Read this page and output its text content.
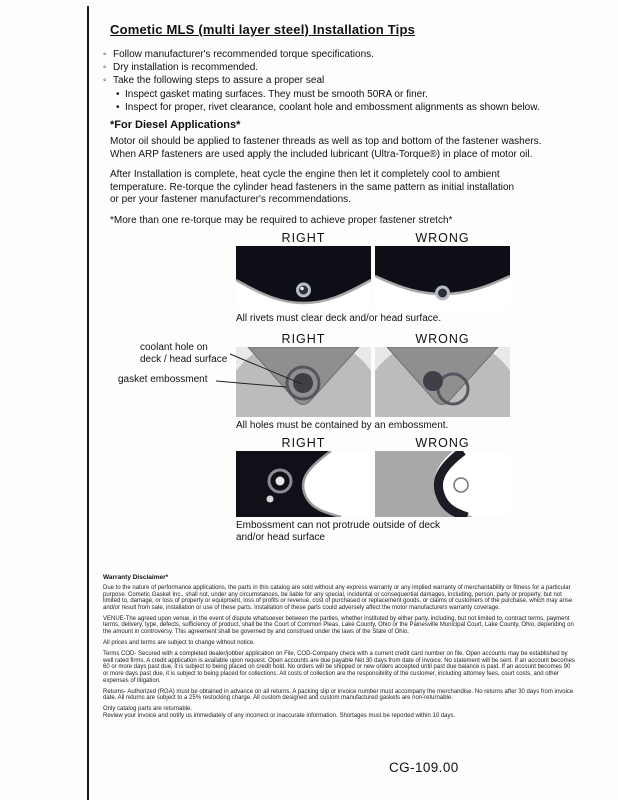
Cometic MLS (multi layer steel) Installation Tips
◦ Follow manufacturer's recommended torque specifications.
◦ Dry installation is recommended.
◦ Take the following steps to assure a proper seal
• Inspect gasket mating surfaces. They must be smooth 50RA or finer.
• Inspect for proper, rivet clearance, coolant hole and embossment alignments as shown below.
*For Diesel Applications*
Motor oil should be applied to fastener threads as well as top and bottom of the fastener washers.
When ARP fasteners are used apply the included lubricant (Ultra-Torque®) in place of motor oil.
After Installation is complete, heat cycle the engine then let it completely cool to ambient
temperature. Re-torque the cylinder head fasteners in the same pattern as initial installation
or per your fastener manufacturer's recommendations.
*More than one re-torque may be required to achieve proper fastener stretch*
RIGHT	WRONG
All rivets must clear deck and/or head surface.
RIGHT	WRONG
All holes must be contained by an embossment.
RIGHT	WRONG
Embossment can not protrude outside of deck
and/or head surface
coolant hole on
deck / head surface
gasket embossment
Warranty Disclaimer*
Due to the nature of performance applications, the parts in this catalog are sold without any express warranty or any implied warranty of merchantability or fitness for a particular purpose. Cometic Gasket Inc., shall not, under any circumstances, be liable for any special, incidental or consequential damages, including, person, party or property, but not limited to, damage, or loss of property or equipment, loss of profits or revenue, cost of purchased or replacement goods, or claims of customers of the purchase, which may arise and/or result from sale, installation or use of these parts. Installation of these parts could adversely affect the motor manufacturers warranty coverage.
VENUE-The agreed upon venue, in the event of dispute whatsoever between the parties, whether instituted by either party, including, but not limited to, contract terms, payment terms, delivery, type, defects, sufficiency of product, shall be the Court of Common Pleas, Lake County, Ohio or the Painesville Municipal Court, Lake County, Ohio, depending on the amount in controversy. This agreement shall be governed by and construed under the laws of the State of Ohio.
All prices and terms are subject to change without notice.
Terms COD- Secured with a completed dealer/jobber application on File, COD-Company check with a current credit card number on file. Open accounts may be established by well rated firms. A credit application is available upon request. Open accounts are due payable Net 30 days from date of invoice. No statement will be sent. If an account becomes 60 or more days past due, it is subject to being placed on credit hold. No orders will be shipped or new orders accepted until past due balance is paid. If an account becomes 90 or more days past due, it is subject to being placed for collections. All costs of collection are the responsibility of the customer, including attorney fees, court costs, and other expenses of litigation.
Returns- Authorized (RGA) must be obtained in advance on all returns. A packing slip or invoice number must accompany the merchandise. No returns after 30 days from invoice date. All returns are subject to a 25% restocking charge. All custom designed and custom manufactured gaskets are non-returnable.
Only catalog parts are returnable.
Review your invoice and notify us immediately of any incorrect or inaccurate information. Shortages must be reported within 10 days.
CG-109.00
